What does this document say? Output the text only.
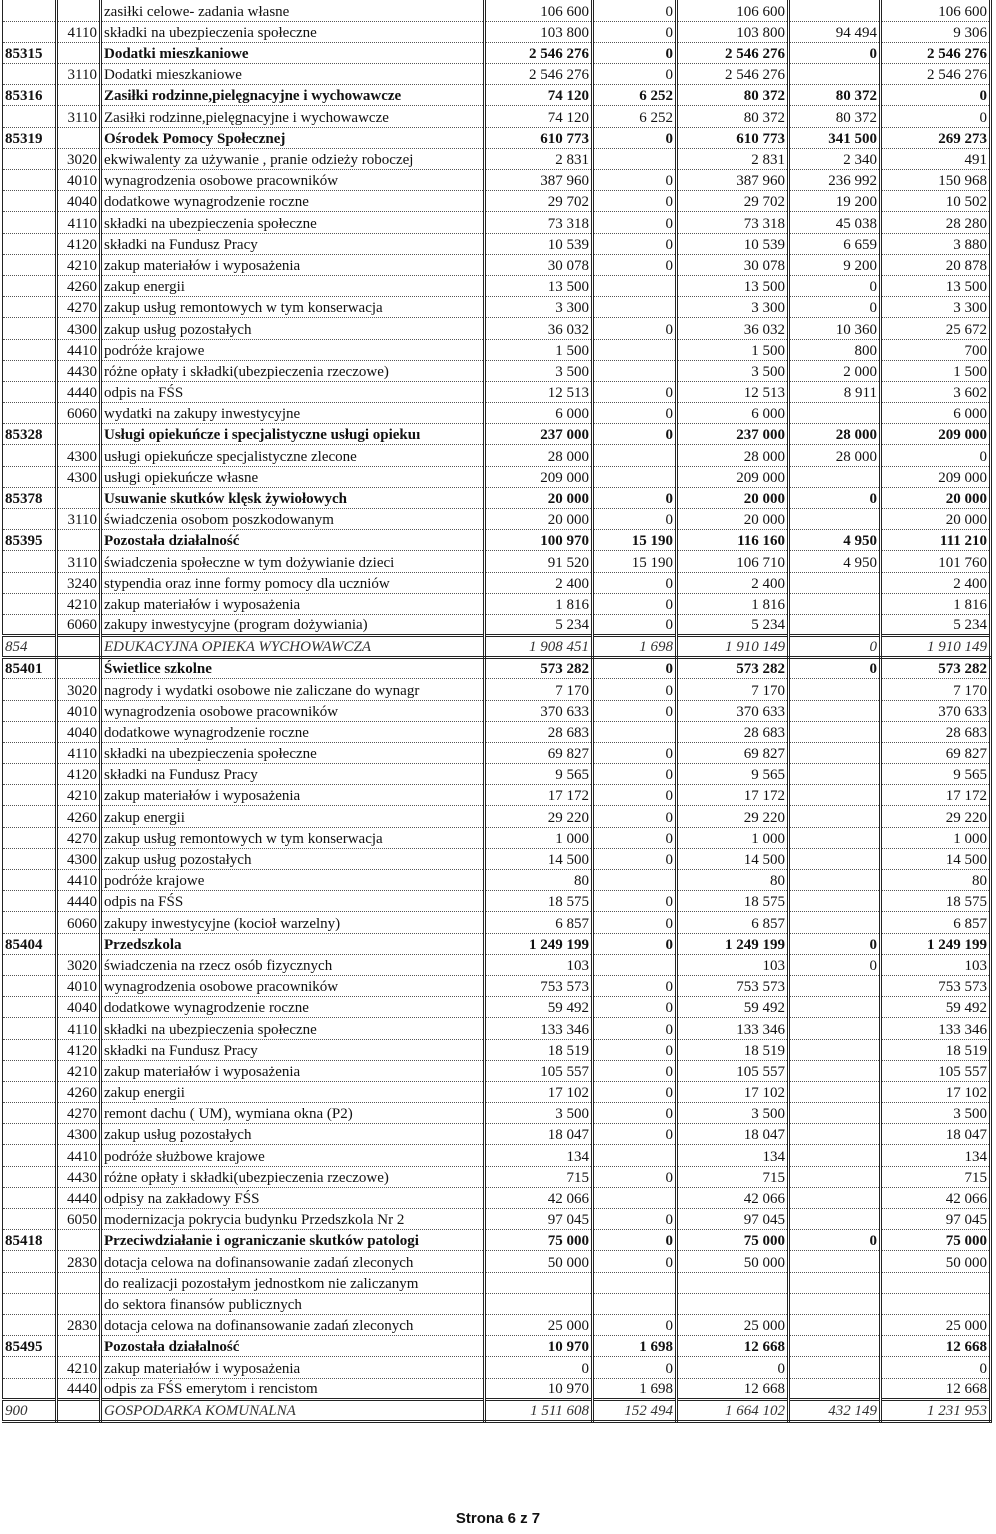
		zasiłki celowe- zadania własne	106 600	0	106 600		106 600
	4110	składki na ubezpieczenia społeczne	103 800	0	103 800	94 494	9 306
85315		Dodatki mieszkaniowe	2 546 276	0	2 546 276	0	2 546 276
	3110	Dodatki mieszkaniowe	2 546 276	0	2 546 276		2 546 276
85316		Zasiłki rodzinne,pielęgnacyjne i wychowawcze	74 120	6 252	80 372	80 372	0
	3110	Zasiłki rodzinne,pielęgnacyjne i wychowawcze	74 120	6 252	80 372	80 372	0
85319		Ośrodek Pomocy Społecznej	610 773	0	610 773	341 500	269 273
	3020	ekwiwalenty za używanie , pranie odzieży roboczej	2 831		2 831	2 340	491
	4010	wynagrodzenia osobowe pracowników	387 960	0	387 960	236 992	150 968
	4040	dodatkowe wynagrodzenie roczne	29 702	0	29 702	19 200	10 502
	4110	składki na ubezpieczenia społeczne	73 318	0	73 318	45 038	28 280
	4120	składki na Fundusz Pracy	10 539	0	10 539	6 659	3 880
	4210	zakup materiałów i wyposażenia	30 078	0	30 078	9 200	20 878
	4260	zakup energii	13 500		13 500	0	13 500
	4270	zakup usług remontowych w tym konserwacja	3 300		3 300	0	3 300
	4300	zakup usług pozostałych	36 032	0	36 032	10 360	25 672
	4410	podróże krajowe	1 500		1 500	800	700
	4430	różne opłaty i składki(ubezpieczenia rzeczowe)	3 500		3 500	2 000	1 500
	4440	odpis na FŚS	12 513	0	12 513	8 911	3 602
	6060	wydatki na zakupy inwestycyjne	6 000	0	6 000		6 000
85328		Usługi opiekuńcze i specjalistyczne usługi opiekuı	237 000	0	237 000	28 000	209 000
	4300	usługi opiekuńcze specjalistyczne zlecone	28 000		28 000	28 000	0
	4300	usługi opiekuńcze własne	209 000		209 000		209 000
85378		Usuwanie skutków klęsk żywiołowych	20 000	0	20 000	0	20 000
	3110	świadczenia osobom poszkodowanym	20 000	0	20 000		20 000
85395		Pozostała działalność	100 970	15 190	116 160	4 950	111 210
	3110	świadczenia społeczne w tym dożywianie dzieci	91 520	15 190	106 710	4 950	101 760
	3240	stypendia oraz inne formy pomocy dla uczniów	2 400	0	2 400		2 400
	4210	zakup materiałów i wyposażenia	1 816	0	1 816		1 816
	6060	zakupy inwestycyjne (program dożywiania)	5 234	0	5 234		5 234
854		EDUKACYJNA OPIEKA WYCHOWAWCZA	1 908 451	1 698	1 910 149	0	1 910 149
85401		Świetlice szkolne	573 282	0	573 282	0	573 282
	3020	nagrody i wydatki osobowe nie zaliczane do wynagr	7 170	0	7 170		7 170
	4010	wynagrodzenia osobowe pracowników	370 633	0	370 633		370 633
	4040	dodatkowe wynagrodzenie roczne	28 683		28 683		28 683
	4110	składki na ubezpieczenia społeczne	69 827	0	69 827		69 827
	4120	składki na Fundusz Pracy	9 565	0	9 565		9 565
	4210	zakup materiałów i wyposażenia	17 172	0	17 172		17 172
	4260	zakup energii	29 220	0	29 220		29 220
	4270	zakup usług remontowych w tym konserwacja	1 000	0	1 000		1 000
	4300	zakup usług pozostałych	14 500	0	14 500		14 500
	4410	podróże krajowe	80		80		80
	4440	odpis na FŚS	18 575	0	18 575		18 575
	6060	zakupy inwestycyjne (kocioł warzelny)	6 857	0	6 857		6 857
85404		Przedszkola	1 249 199	0	1 249 199	0	1 249 199
	3020	świadczenia na rzecz osób fizycznych	103		103	0	103
	4010	wynagrodzenia osobowe pracowników	753 573	0	753 573		753 573
	4040	dodatkowe wynagrodzenie roczne	59 492	0	59 492		59 492
	4110	składki na ubezpieczenia społeczne	133 346	0	133 346		133 346
	4120	składki na Fundusz Pracy	18 519	0	18 519		18 519
	4210	zakup materiałów i wyposażenia	105 557	0	105 557		105 557
	4260	zakup energii	17 102	0	17 102		17 102
	4270	remont dachu ( UM), wymiana okna (P2)	3 500	0	3 500		3 500
	4300	zakup usług pozostałych	18 047	0	18 047		18 047
	4410	podróże służbowe krajowe	134		134		134
	4430	różne opłaty i składki(ubezpieczenia rzeczowe)	715	0	715		715
	4440	odpisy na zakładowy FŚS	42 066		42 066		42 066
	6050	modernizacja pokrycia budynku Przedszkola Nr 2	97 045	0	97 045		97 045
85418		Przeciwdziałanie i ograniczanie skutków patologi	75 000	0	75 000	0	75 000
	2830	dotacja celowa na dofinansowanie zadań zleconych	50 000	0	50 000		50 000
		do realizacji pozostałym jednostkom nie zaliczanym					
		do sektora finansów publicznych					
	2830	dotacja celowa na dofinansowanie zadań zleconych	25 000	0	25 000		25 000
85495		Pozostała działalność	10 970	1 698	12 668		12 668
	4210	zakup materiałów i wyposażenia	0	0	0		0
	4440	odpis za FŚS emerytom i rencistom	10 970	1 698	12 668		12 668
900		GOSPODARKA KOMUNALNA	1 511 608	152 494	1 664 102	432 149	1 231 953
Strona 6 z 7
